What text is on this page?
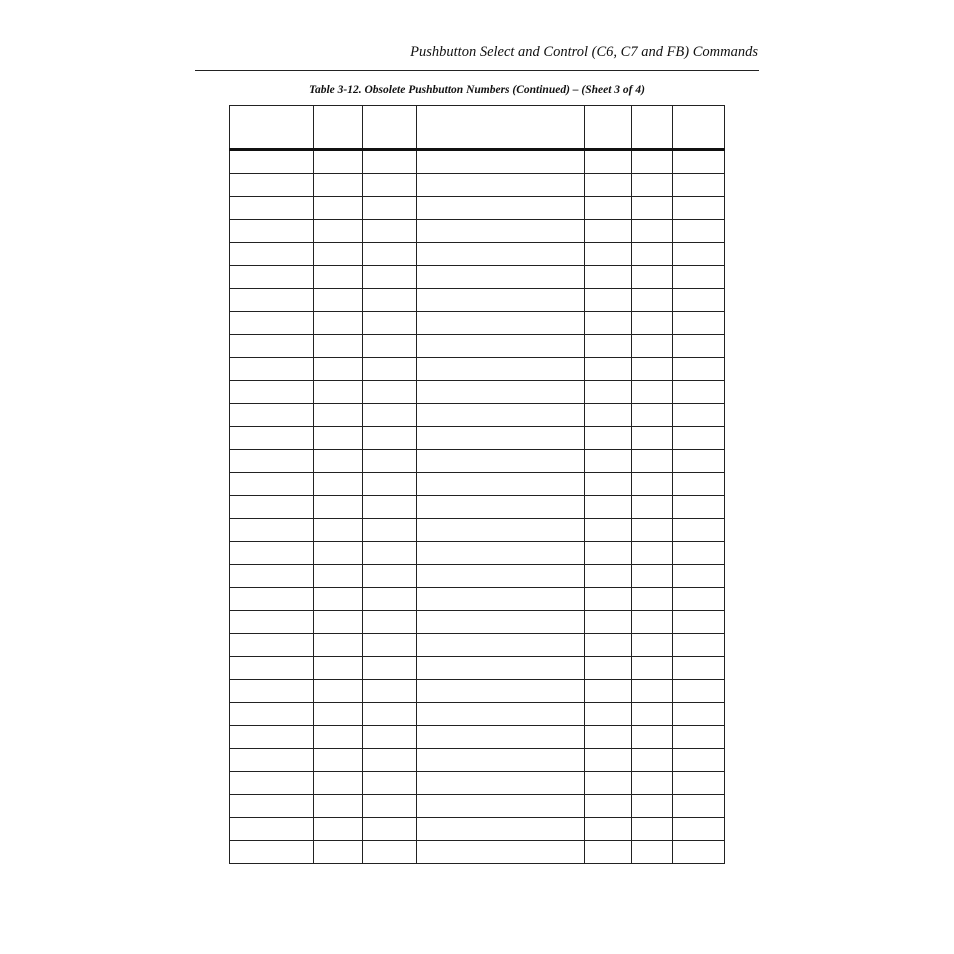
Pushbutton Select and Control (C6, C7 and FB) Commands
Table 3-12. Obsolete Pushbutton Numbers (Continued) – (Sheet 3 of 4)
